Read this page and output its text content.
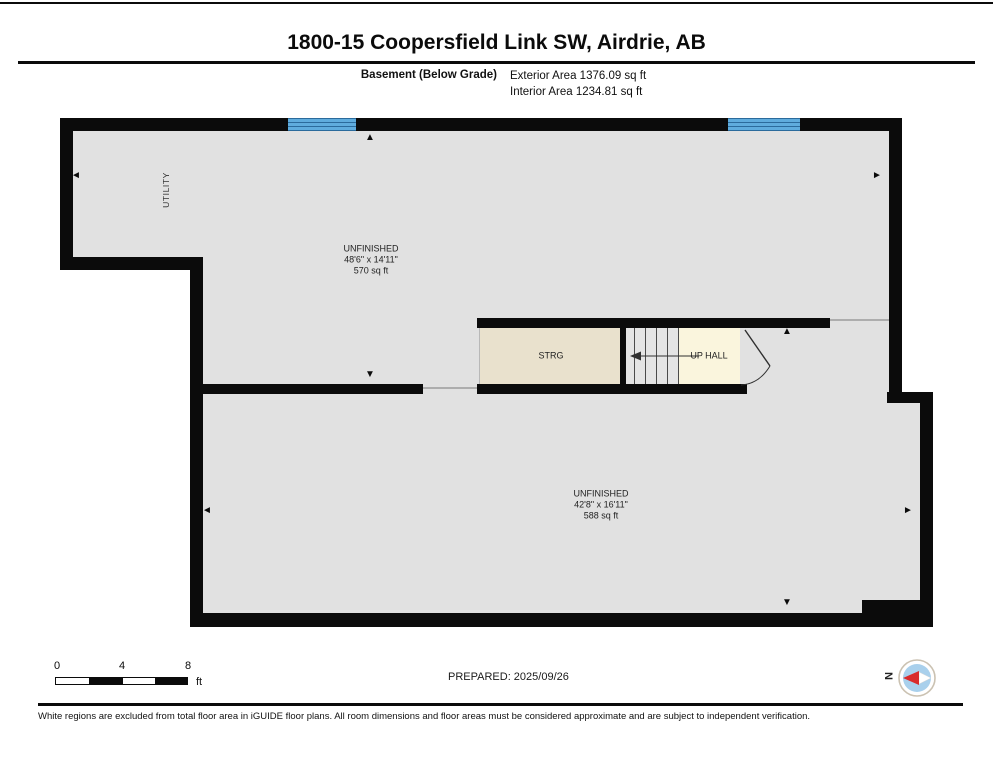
1800-15 Coopersfield Link SW, Airdrie, AB
Basement (Below Grade) Exterior Area 1376.09 sq ft
Interior Area 1234.81 sq ft
◄
▲
►
▼
▲
►
▼
◄
UTILITY
UNFINISHED
48'6" x 14'11"
570 sq ft
STRG	UP HALL
UNFINISHED
42'8" x 16'11"
588 sq ft
0	4	8
ft	PREPARED: 2025/09/26	N
White regions are excluded from total floor area in iGUIDE floor plans. All room dimensions and floor areas must be considered approximate and are subject to independent verification.
